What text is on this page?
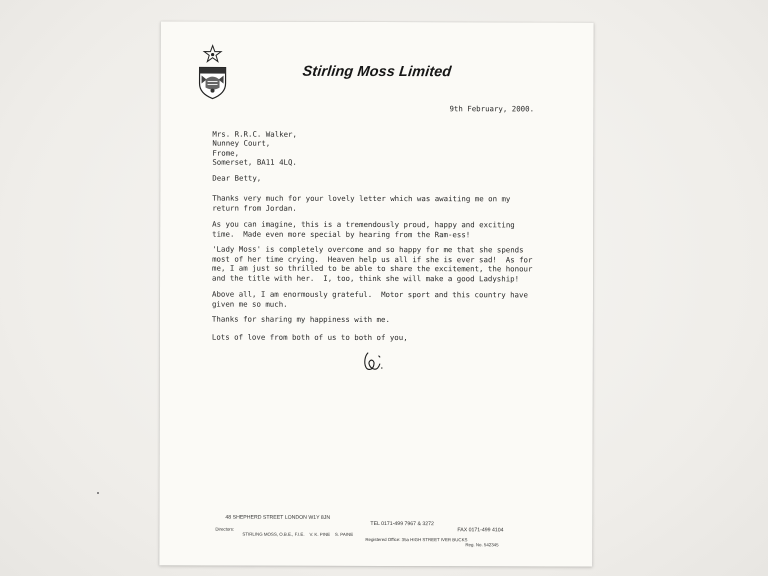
Stirling Moss Limited
9th February, 2000.

Mrs. R.R.C. Walker,
Nunney Court,
Frome,
Somerset, BA11 4LQ.
Dear Betty,
Thanks very much for your lovely letter which was awaiting me on my
return from Jordan.
As you can imagine, this is a tremendously proud, happy and exciting
time.  Made even more special by hearing from the Ram-ess!
'Lady Moss' is completely overcome and so happy for me that she spends
most of her time crying.  Heaven help us all if she is ever sad!  As for
me, I am just so thrilled to be able to share the excitement, the honour
and the title with her.  I, too, think she will make a good Ladyship!
Above all, I am enormously grateful.  Motor sport and this country have
given me so much.
Thanks for sharing my happiness with me.
Lots of love from both of us to both of you,

48 SHEPHERD STREET LONDON W1Y 8JN

TEL 0171-499 7967 & 3272

FAX 0171-499 4104

Directors:

STIRLING MOSS, O.B.E., F.I.E.    V. K. PINE    S. PAINE

Registered Office: 35a HIGH STREET IVER BUCKS

Reg. No. 542345
